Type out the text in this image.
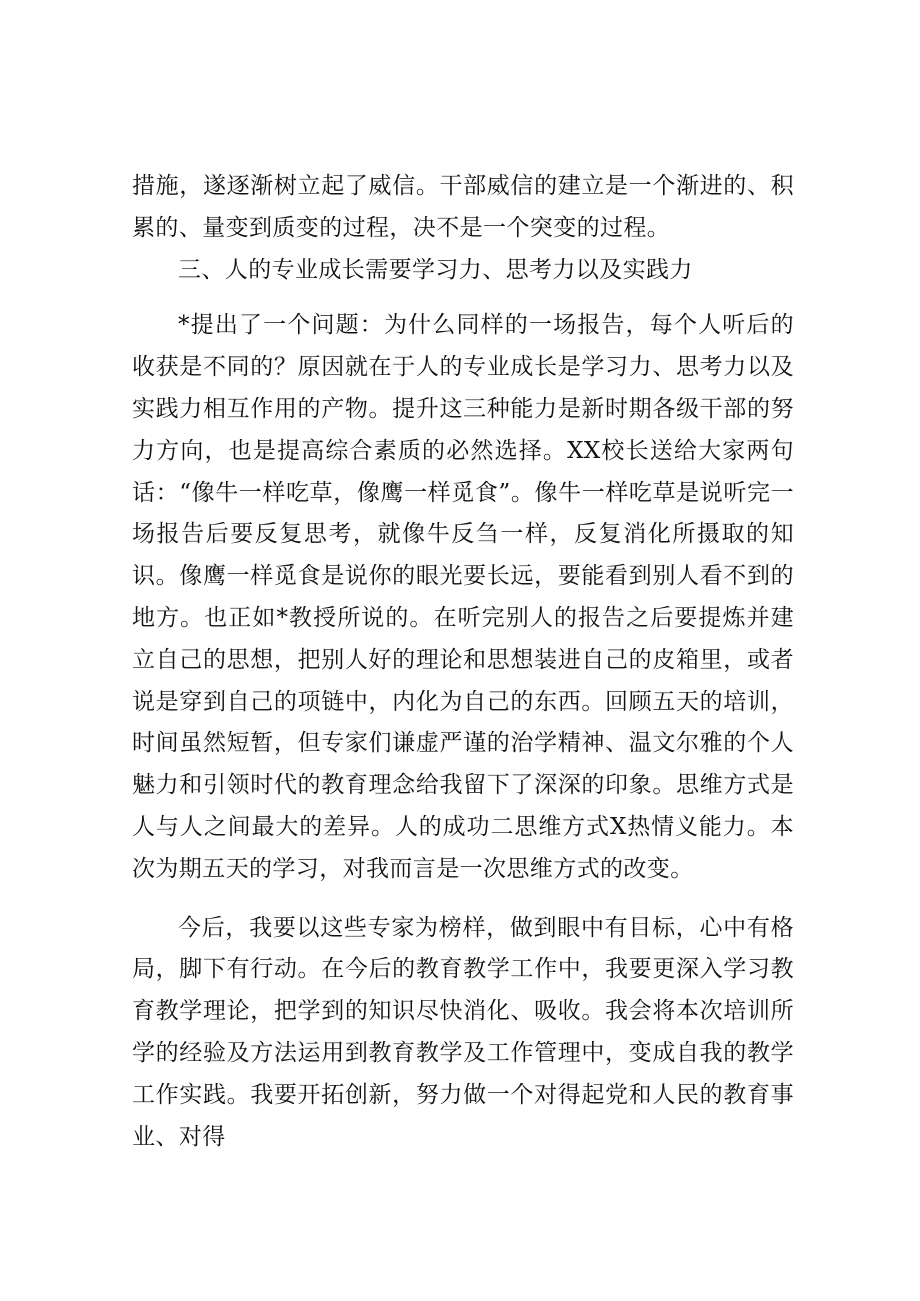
措施，遂逐渐树立起了威信。干部威信的建立是一个渐进的、积累的、量变到质变的过程，决不是一个突变的过程。

三、人的专业成长需要学习力、思考力以及实践力

*提出了一个问题：为什么同样的一场报告，每个人听后的收获是不同的？原因就在于人的专业成长是学习力、思考力以及实践力相互作用的产物。提升这三种能力是新时期各级干部的努力方向，也是提高综合素质的必然选择。XX校长送给大家两句话：“像牛一样吃草，像鹰一样觅食”。像牛一样吃草是说听完一场报告后要反复思考，就像牛反刍一样，反复消化所摄取的知识。像鹰一样觅食是说你的眼光要长远，要能看到别人看不到的地方。也正如*教授所说的。在听完别人的报告之后要提炼并建立自己的思想，把别人好的理论和思想装进自己的皮箱里，或者说是穿到自己的项链中，内化为自己的东西。回顾五天的培训，时间虽然短暂，但专家们谦虚严谨的治学精神、温文尔雅的个人魅力和引领时代的教育理念给我留下了深深的印象。思维方式是人与人之间最大的差异。人的成功二思维方式X热情义能力。本次为期五天的学习，对我而言是一次思维方式的改变。

今后，我要以这些专家为榜样，做到眼中有目标，心中有格局，脚下有行动。在今后的教育教学工作中，我要更深入学习教育教学理论，把学到的知识尽快消化、吸收。我会将本次培训所学的经验及方法运用到教育教学及工作管理中，变成自我的教学工作实践。我要开拓创新，努力做一个对得起党和人民的教育事业、对得
